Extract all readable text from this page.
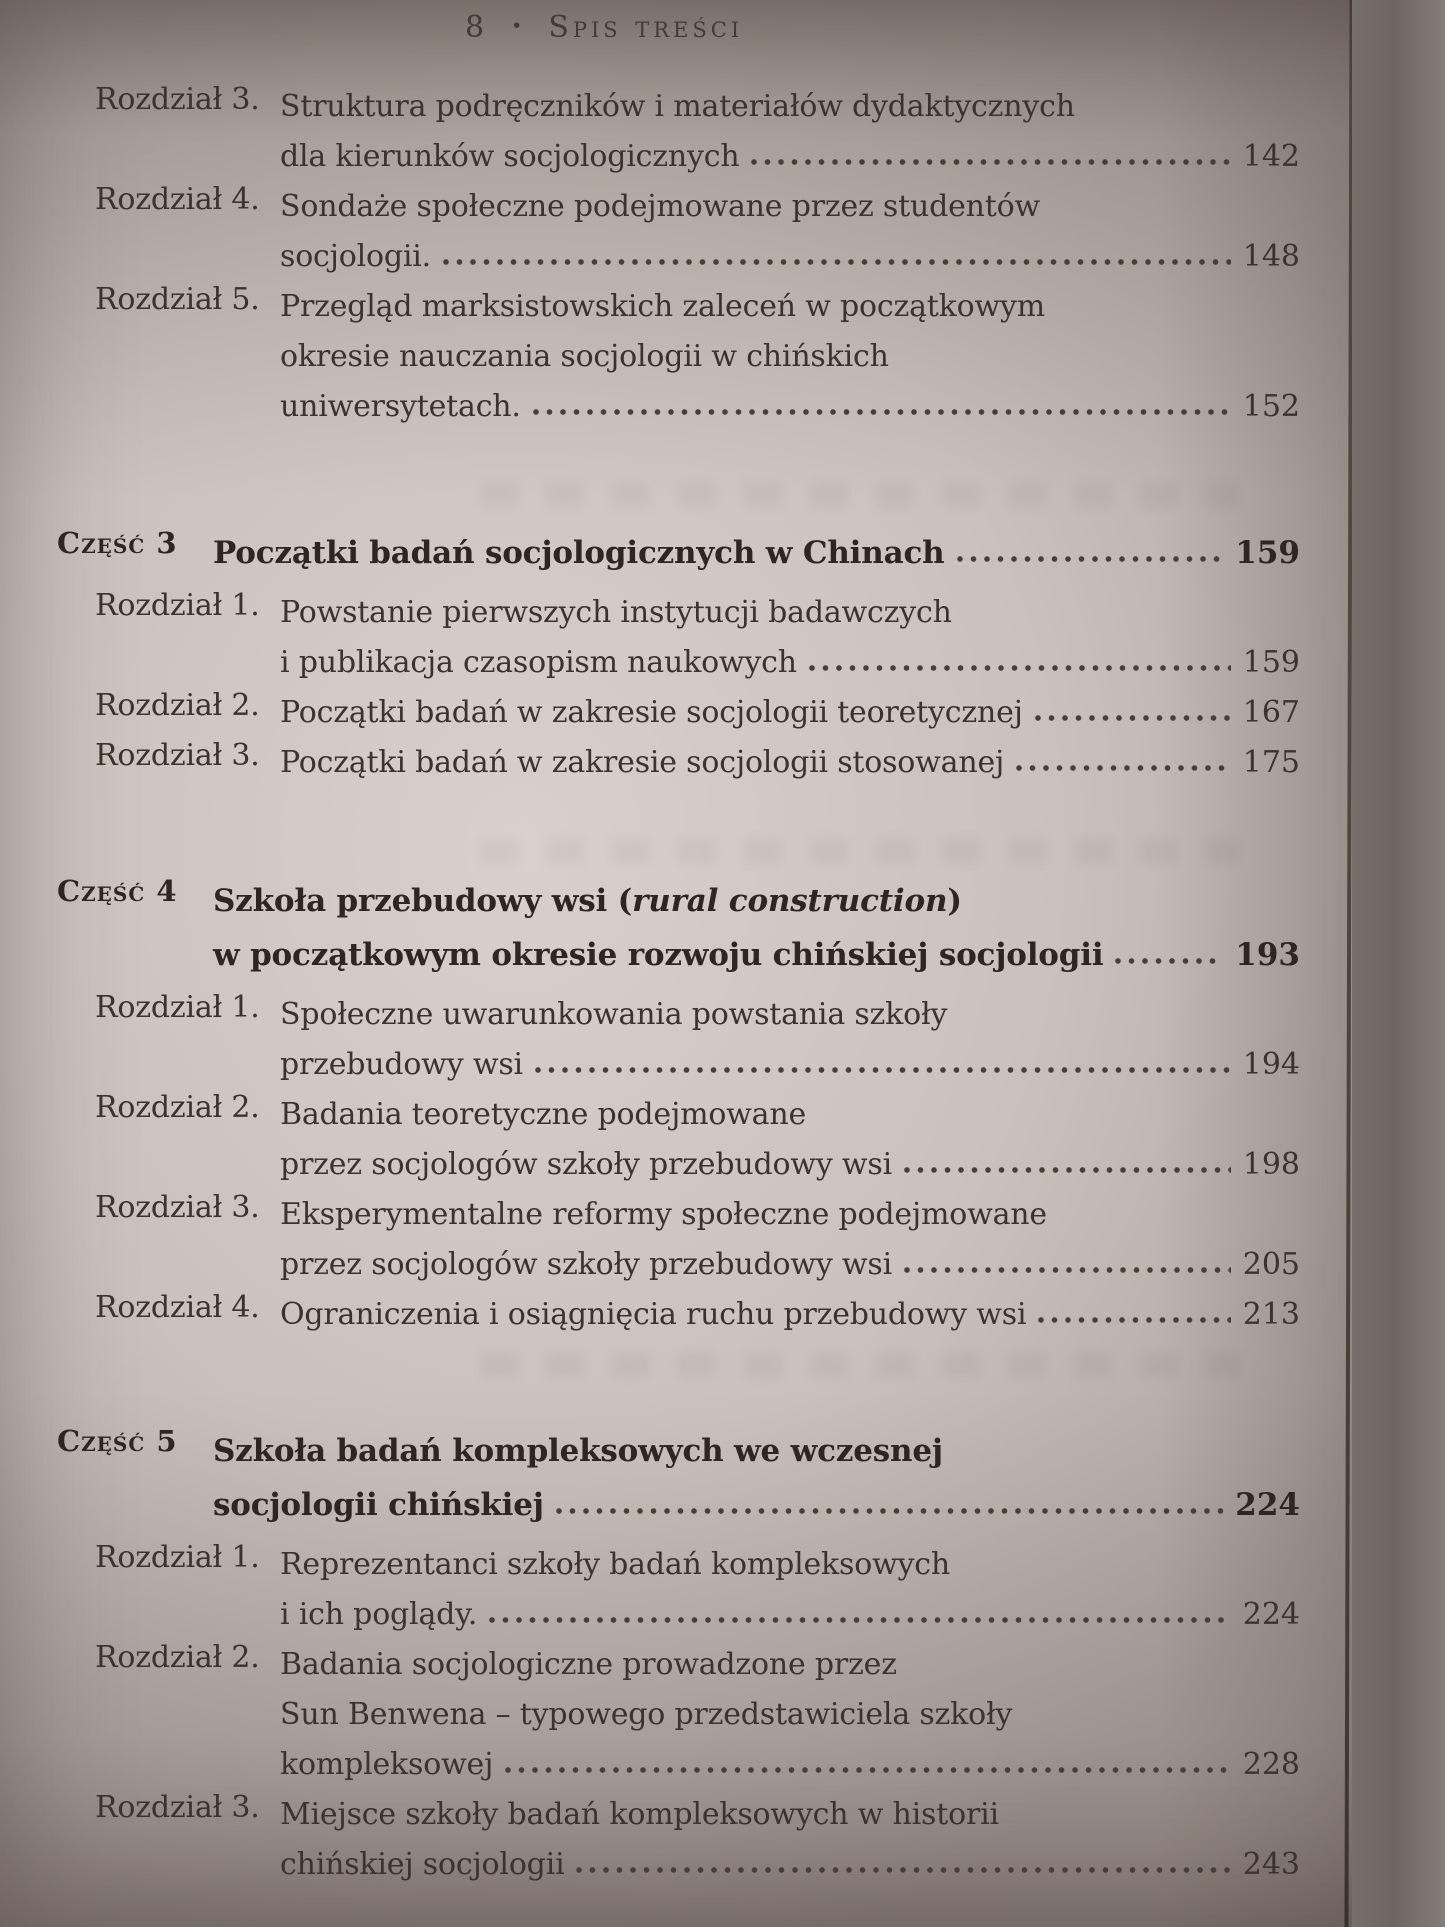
8 • Spis treści
Rozdział 3. Struktura podręczników i materiałów dydaktycznych
dla kierunków socjologicznych	142
Rozdział 4. Sondaże społeczne podejmowane przez studentów
socjologii.	148
Rozdział 5. Przegląd marksistowskich zaleceń w początkowym
okresie nauczania socjologii w chińskich
uniwersytetach.	152
Część 3	Początki badań socjologicznych w Chinach	159
Rozdział 1. Powstanie pierwszych instytucji badawczych
i publikacja czasopism naukowych	159
Rozdział 2. Początki badań w zakresie socjologii teoretycznej	167
Rozdział 3. Początki badań w zakresie socjologii stosowanej	175
Część 4	Szkoła przebudowy wsi (rural construction)
w początkowym okresie rozwoju chińskiej socjologii	193
Rozdział 1. Społeczne uwarunkowania powstania szkoły
przebudowy wsi	194
Rozdział 2. Badania teoretyczne podejmowane
przez socjologów szkoły przebudowy wsi	198
Rozdział 3. Eksperymentalne reformy społeczne podejmowane
przez socjologów szkoły przebudowy wsi	205
Rozdział 4. Ograniczenia i osiągnięcia ruchu przebudowy wsi	213
Część 5	Szkoła badań kompleksowych we wczesnej
socjologii chińskiej	224
Rozdział 1. Reprezentanci szkoły badań kompleksowych
i ich poglądy.	224
Rozdział 2. Badania socjologiczne prowadzone przez
Sun Benwena – typowego przedstawiciela szkoły
kompleksowej	228
Rozdział 3. Miejsce szkoły badań kompleksowych w historii
chińskiej socjologii	243
